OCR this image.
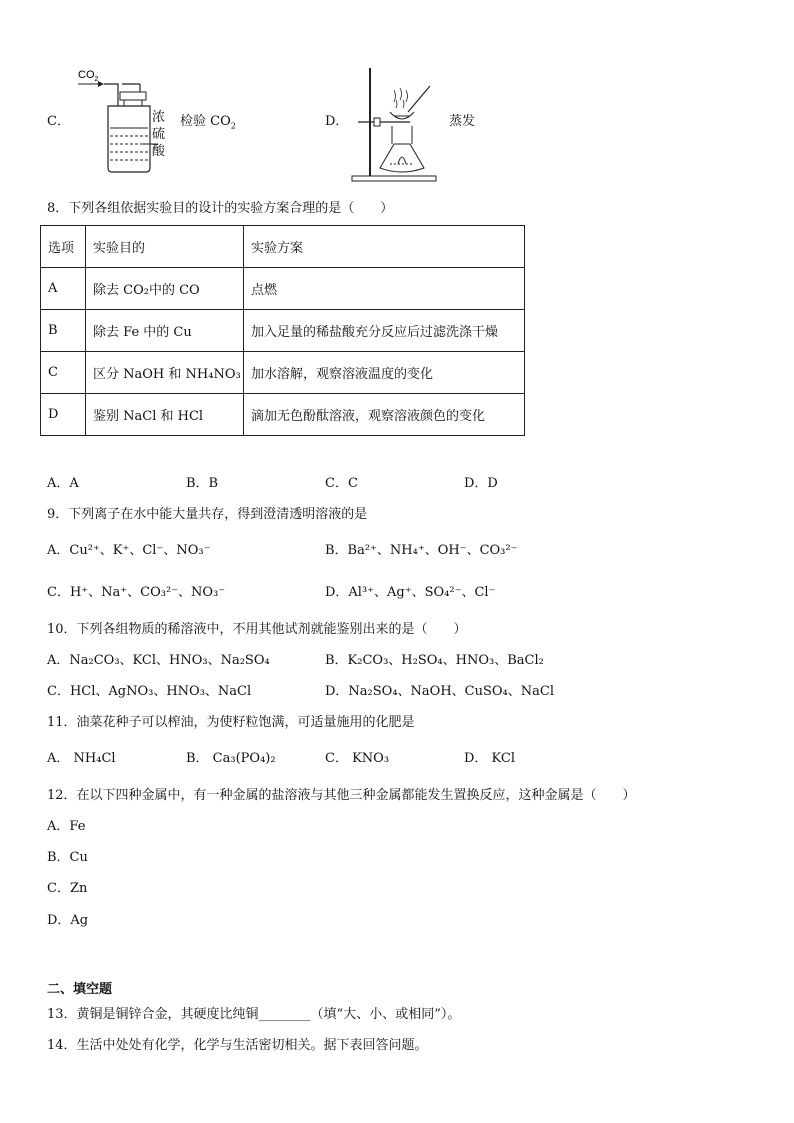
C．
$CO_2$
浓
硫
酸
检验 $CO_2$	D．	蒸发
8．下列各组依据实验目的设计的实验方案合理的是（　　）
选项	实验目的	实验方案
A	除去 CO₂中的 CO	点燃
B	除去 Fe 中的 Cu	加入足量的稀盐酸充分反应后过滤洗涤干燥
C	区分 NaOH 和 NH₄NO₃	加水溶解，观察溶液温度的变化
D	鉴别 NaCl 和 HCl	滴加无色酚酞溶液，观察溶液颜色的变化
A．A	B．B	C．C	D．D
9．下列离子在水中能大量共存，得到澄清透明溶液的是
A．Cu²⁺、K⁺、Cl⁻、NO₃⁻	B．Ba²⁺、NH₄⁺、OH⁻、CO₃²⁻
C．H⁺、Na⁺、CO₃²⁻、NO₃⁻	D．Al³⁺、Ag⁺、SO₄²⁻、Cl⁻
10．下列各组物质的稀溶液中，不用其他试剂就能鉴别出来的是（　　）
A．Na₂CO₃、KCl、HNO₃、Na₂SO₄	B．K₂CO₃、H₂SO₄、HNO₃、BaCl₂
C．HCl、AgNO₃、HNO₃、NaCl	D．Na₂SO₄、NaOH、CuSO₄、NaCl
11．油菜花种子可以榨油，为使籽粒饱满，可适量施用的化肥是
A． NH₄Cl	B． Ca₃(PO₄)₂	C． KNO₃	D． KCl
12．在以下四种金属中，有一种金属的盐溶液与其他三种金属都能发生置换反应，这种金属是（　　）
A．Fe
B．Cu
C．Zn
D．Ag
二、填空题
13．黄铜是铜锌合金，其硬度比纯铜________（填“大、小、或相同”）。
14．生活中处处有化学，化学与生活密切相关。据下表回答问题。
